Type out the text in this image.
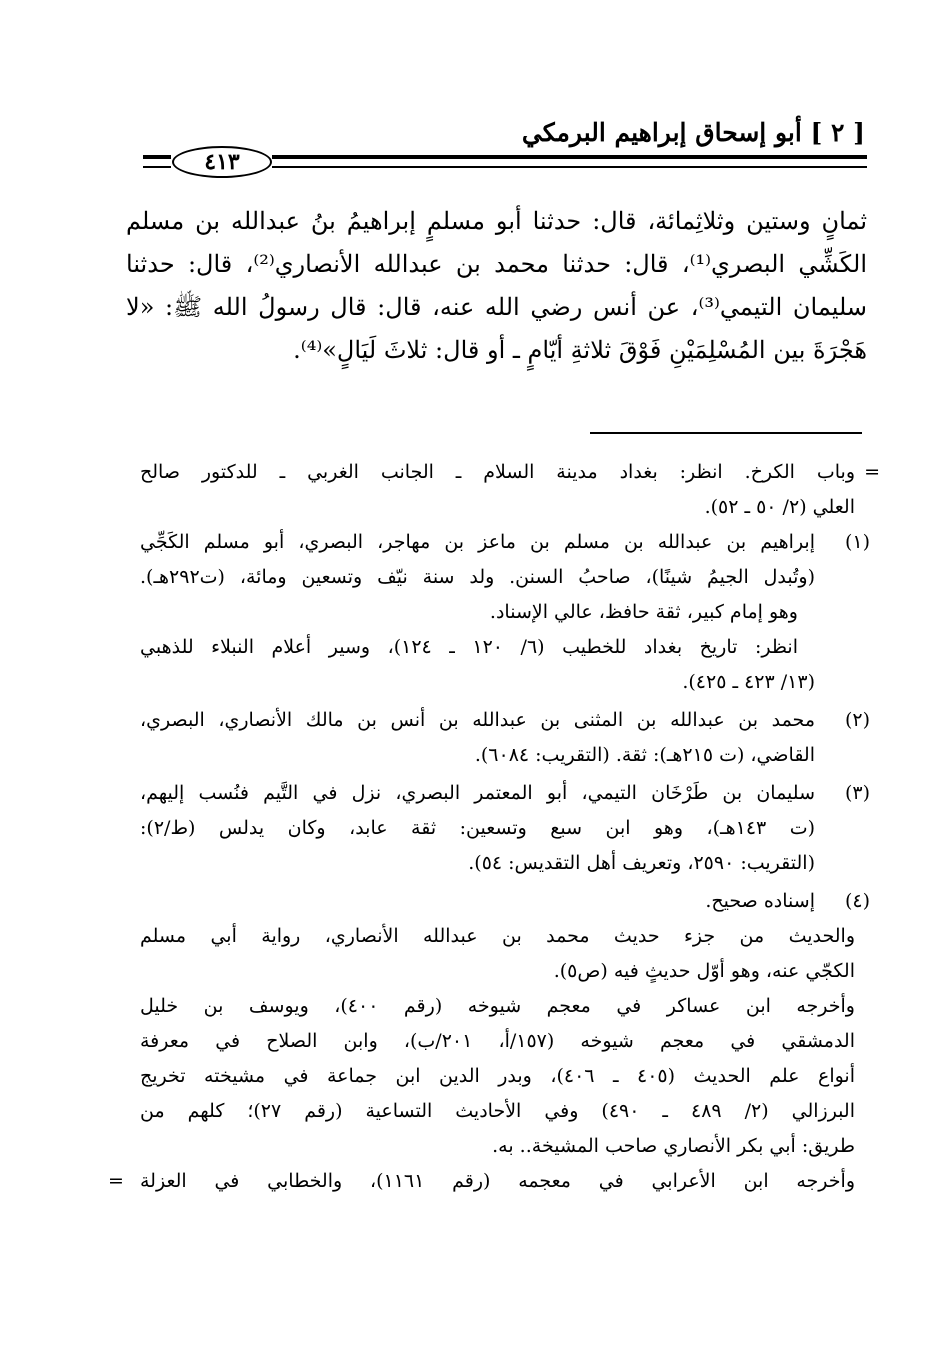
[ ٢ ] أبو إسحاق إبراهيم البرمكي
٤١٣
ثمانٍ وستين وثلاثِمائة، قال: حدثنا أبو مسلمٍ إبراهيمُ بنُ عبدالله بن مسلم
الكَشِّي البصري⁽¹⁾، قال: حدثنا محمد بن عبدالله الأنصاري⁽²⁾، قال: حدثنا
سليمان التيمي⁽³⁾، عن أنس رضي الله عنه، قال: قال رسولُ الله ﷺ: «لا
هَجْرَةَ بين المُسْلِمَيْنِ فَوْقَ ثلاثةِ أيّامٍ ـ أو قال: ثلاثَ لَيَالٍ»⁽⁴⁾.
وباب الكرخ. انظر: بغداد مدينة السلام ـ الجانب الغربي ـ للدكتور صالح =
العلي (٢/ ٥٠ ـ ٥٢).
(١)
إبراهيم بن عبدالله بن مسلم بن ماعز بن مهاجر، البصري، أبو مسلم الكَجِّي
(وتُبدل الجيمُ شينًا)، صاحبُ السنن. ولد سنة نيّف وتسعين ومائة، (ت٢٩٢هـ).
وهو إمام كبير، ثقة حافظ، عالي الإسناد.
انظر: تاريخ بغداد للخطيب (٦/ ١٢٠ ـ ١٢٤)، وسير أعلام النبلاء للذهبي
(١٣/ ٤٢٣ ـ ٤٢٥).
(٢)
محمد بن عبدالله بن المثنى بن عبدالله بن أنس بن مالك الأنصاري، البصري،
القاضي، (ت ٢١٥هـ): ثقة. (التقريب: ٦٠٨٤).
(٣)
سليمان بن طَرْخَان التيمي، أبو المعتمر البصري، نزل في التَّيم فنُسب إليهم،
(ت ١٤٣هـ)، وهو ابن سبع وتسعين: ثقة عابد، وكان يدلس (ط/٢):
(التقريب: ٢٥٩٠، وتعريف أهل التقديس: ٥٤).
(٤)
إسناده صحيح.
والحديث من جزء حديث محمد بن عبدالله الأنصاري، رواية أبي مسلم
الكجّي عنه، وهو أوّل حديثٍ فيه (ص٥).
وأخرجه ابن عساكر في معجم شيوخه (رقم ٤٠٠)، ويوسف بن خليل
الدمشقي في معجم شيوخه (١٥٧/أ، ٢٠١/ب)، وابن الصلاح في معرفة
أنواع علم الحديث (٤٠٥ ـ ٤٠٦)، وبدر الدين ابن جماعة في مشيخته تخريج
البرزالي (٢/ ٤٨٩ ـ ٤٩٠) وفي الأحاديث التساعية (رقم ٢٧)؛ كلهم من
طريق: أبي بكر الأنصاري صاحب المشيخة.. به.
وأخرجه ابن الأعرابي في معجمه (رقم ١١٦١)، والخطابي في العزلة
=
